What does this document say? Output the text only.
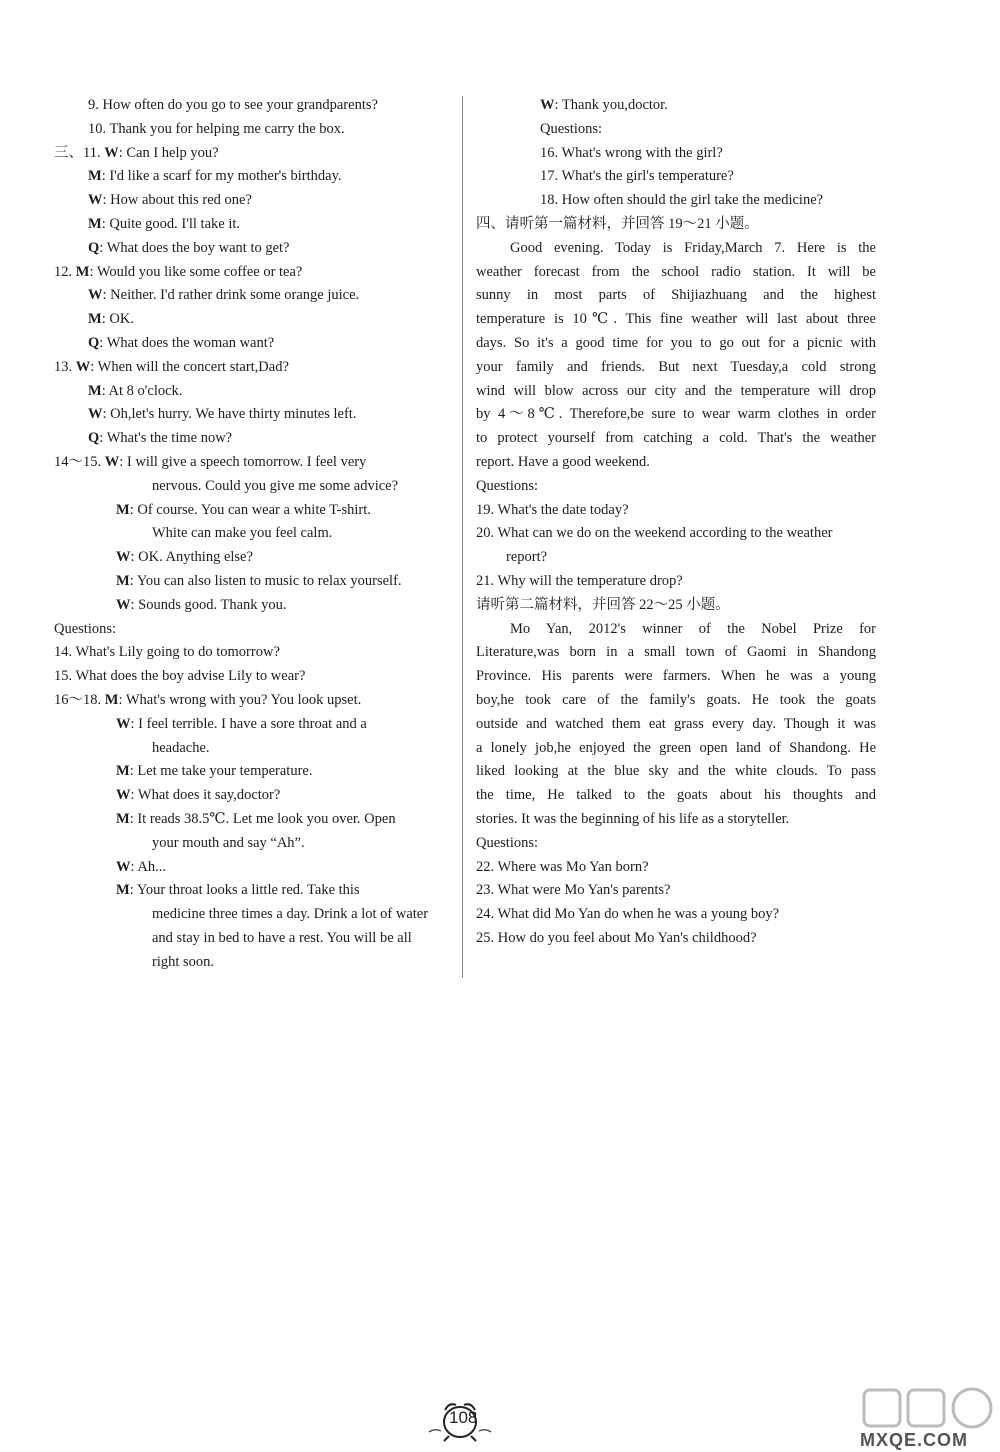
9. How often do you go to see your grandparents?
10. Thank you for helping me carry the box.
三、11. W: Can I help you?
M: I'd like a scarf for my mother's birthday.
W: How about this red one?
M: Quite good. I'll take it.
Q: What does the boy want to get?
12. M: Would you like some coffee or tea?
W: Neither. I'd rather drink some orange juice.
M: OK.
Q: What does the woman want?
13. W: When will the concert start,Dad?
M: At 8 o'clock.
W: Oh,let's hurry. We have thirty minutes left.
Q: What's the time now?
14～15. W: I will give a speech tomorrow. I feel very
nervous. Could you give me some advice?
M: Of course. You can wear a white T-shirt.
White can make you feel calm.
W: OK. Anything else?
M: You can also listen to music to relax yourself.
W: Sounds good. Thank you.
Questions:
14. What's Lily going to do tomorrow?
15. What does the boy advise Lily to wear?
16～18. M: What's wrong with you? You look upset.
W: I feel terrible. I have a sore throat and a
headache.
M: Let me take your temperature.
W: What does it say,doctor?
M: It reads 38.5℃. Let me look you over. Open
your mouth and say “Ah”.
W: Ah...
M: Your throat looks a little red. Take this
medicine three times a day. Drink a lot of water
and stay in bed to have a rest. You will be all
right soon.
W: Thank you,doctor.
Questions:
16. What's wrong with the girl?
17. What's the girl's temperature?
18. How often should the girl take the medicine?
四、请听第一篇材料，并回答 19～21 小题。
Good evening. Today is Friday,March 7. Here is the
weather forecast from the school radio station. It will be
sunny in most parts of Shijiazhuang and the highest
temperature is 10℃. This fine weather will last about three
days. So it's a good time for you to go out for a picnic with
your family and friends. But next Tuesday,a cold strong
wind will blow across our city and the temperature will drop
by 4～8℃. Therefore,be sure to wear warm clothes in order
to protect yourself from catching a cold. That's the weather
report. Have a good weekend.
Questions:
19. What's the date today?
20. What can we do on the weekend according to the weather
report?
21. Why will the temperature drop?
请听第二篇材料，并回答 22～25 小题。
Mo Yan, 2012's winner of the Nobel Prize for
Literature,was born in a small town of Gaomi in Shandong
Province. His parents were farmers. When he was a young
boy,he took care of the family's goats. He took the goats
outside and watched them eat grass every day. Though it was
a lonely job,he enjoyed the green open land of Shandong. He
liked looking at the blue sky and the white clouds. To pass
the time, He talked to the goats about his thoughts and
stories. It was the beginning of his life as a storyteller.
Questions:
22. Where was Mo Yan born?
23. What were Mo Yan's parents?
24. What did Mo Yan do when he was a young boy?
25. How do you feel about Mo Yan's childhood?
108
MXQE.COM
